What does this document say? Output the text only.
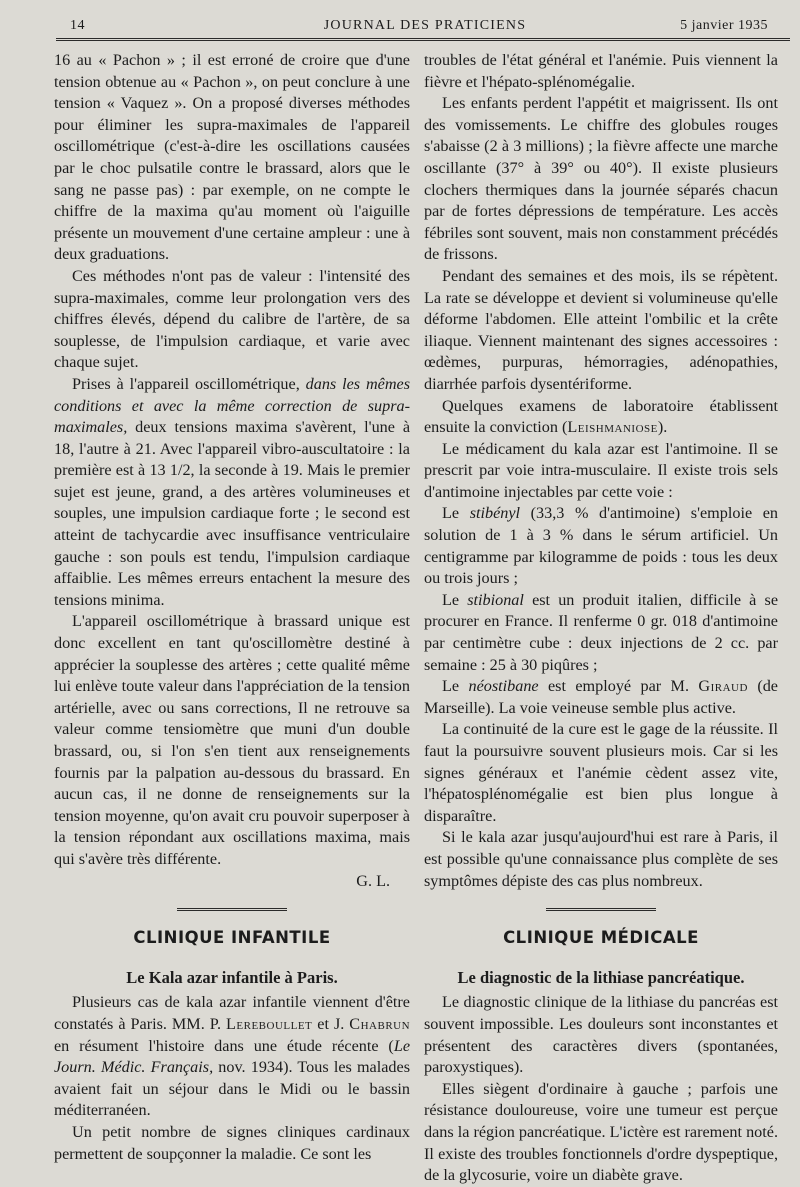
14	JOURNAL DES PRATICIENS	5 janvier 1935

16 au « Pachon » ; il est erroné de croire que d'une tension obtenue au « Pachon », on peut conclure à une tension « Vaquez ». On a proposé diverses méthodes pour éliminer les supra-maximales de l'appareil oscillométrique (c'est-à-dire les oscillations causées par le choc pulsatile contre le brassard, alors que le sang ne passe pas) : par exemple, on ne compte le chiffre de la maxima qu'au moment où l'aiguille présente un mouvement d'une certaine ampleur : une à deux graduations.

Ces méthodes n'ont pas de valeur : l'intensité des supra-maximales, comme leur prolongation vers des chiffres élevés, dépend du calibre de l'artère, de sa souplesse, de l'impulsion cardiaque, et varie avec chaque sujet.

Prises à l'appareil oscillométrique, dans les mêmes conditions et avec la même correction de supra-maximales, deux tensions maxima s'avèrent, l'une à 18, l'autre à 21. Avec l'appareil vibro-auscultatoire : la première est à 13 1/2, la seconde à 19. Mais le premier sujet est jeune, grand, a des artères volumineuses et souples, une impulsion cardiaque forte ; le second est atteint de tachycardie avec insuffisance ventriculaire gauche : son pouls est tendu, l'impulsion cardiaque affaiblie. Les mêmes erreurs entachent la mesure des tensions minima.

L'appareil oscillométrique à brassard unique est donc excellent en tant qu'oscillomètre destiné à apprécier la souplesse des artères ; cette qualité même lui enlève toute valeur dans l'appréciation de la tension artérielle, avec ou sans corrections, Il ne retrouve sa valeur comme tensiomètre que muni d'un double brassard, ou, si l'on s'en tient aux renseignements fournis par la palpation au-dessous du brassard. En aucun cas, il ne donne de renseignements sur la tension moyenne, qu'on avait cru pouvoir superposer à la tension répondant aux oscillations maxima, mais qui s'avère très différente.

G. L.
CLINIQUE INFANTILE
Le Kala azar infantile à Paris.

Plusieurs cas de kala azar infantile viennent d'être constatés à Paris. MM. P. Lereboullet et J. Chabrun en résument l'histoire dans une étude récente (Le Journ. Médic. Français, nov. 1934). Tous les malades avaient fait un séjour dans le Midi ou le bassin méditerranéen.

Un petit nombre de signes cliniques cardinaux permettent de soupçonner la maladie. Ce sont les

troubles de l'état général et l'anémie. Puis viennent la fièvre et l'hépato-splénomégalie.

Les enfants perdent l'appétit et maigrissent. Ils ont des vomissements. Le chiffre des globules rouges s'abaisse (2 à 3 millions) ; la fièvre affecte une marche oscillante (37° à 39° ou 40°). Il existe plusieurs clochers thermiques dans la journée séparés chacun par de fortes dépressions de température. Les accès fébriles sont souvent, mais non constamment précédés de frissons.

Pendant des semaines et des mois, ils se répètent. La rate se développe et devient si volumineuse qu'elle déforme l'abdomen. Elle atteint l'ombilic et la crête iliaque. Viennent maintenant des signes accessoires : œdèmes, purpuras, hémorragies, adénopathies, diarrhée parfois dysentériforme.

Quelques examens de laboratoire établissent ensuite la conviction (Leishmaniose).

Le médicament du kala azar est l'antimoine. Il se prescrit par voie intra-musculaire. Il existe trois sels d'antimoine injectables par cette voie :

Le stibényl (33,3 % d'antimoine) s'emploie en solution de 1 à 3 % dans le sérum artificiel. Un centigramme par kilogramme de poids : tous les deux ou trois jours ;

Le stibional est un produit italien, difficile à se procurer en France. Il renferme 0 gr. 018 d'antimoine par centimètre cube : deux injections de 2 cc. par semaine : 25 à 30 piqûres ;

Le néostibane est employé par M. Giraud (de Marseille). La voie veineuse semble plus active.

La continuité de la cure est le gage de la réussite. Il faut la poursuivre souvent plusieurs mois. Car si les signes généraux et l'anémie cèdent assez vite, l'hépatosplénomégalie est bien plus longue à disparaître.

Si le kala azar jusqu'aujourd'hui est rare à Paris, il est possible qu'une connaissance plus complète de ses symptômes dépiste des cas plus nombreux.

CLINIQUE MÉDICALE
Le diagnostic de la lithiase pancréatique.

Le diagnostic clinique de la lithiase du pancréas est souvent impossible. Les douleurs sont inconstantes et présentent des caractères divers (spontanées, paroxystiques).

Elles siègent d'ordinaire à gauche ; parfois une résistance douloureuse, voire une tumeur est perçue dans la région pancréatique. L'ictère est rarement noté. Il existe des troubles fonctionnels d'ordre dyspeptique, de la glycosurie, voire un diabète grave.
